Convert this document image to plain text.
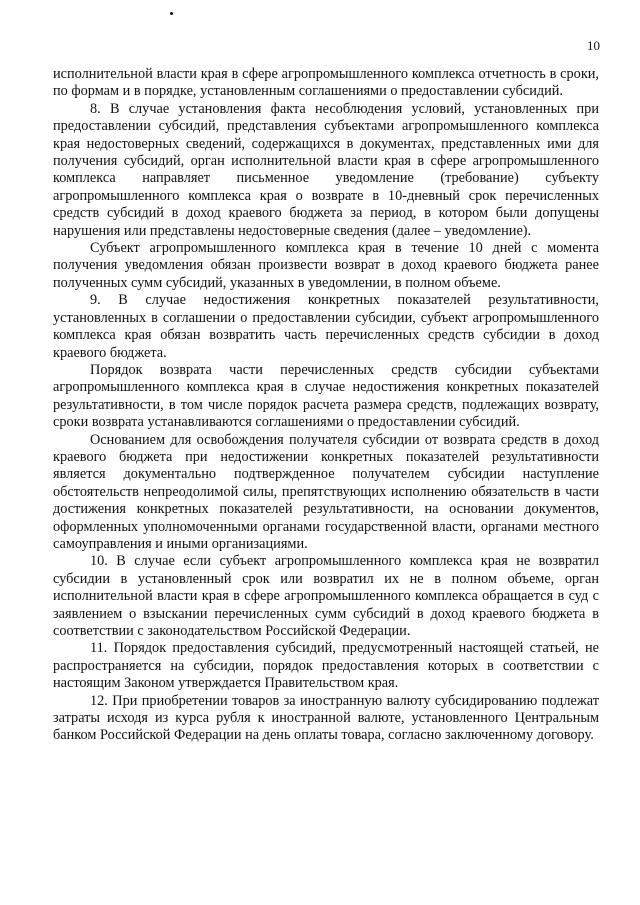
10

исполнительной власти края в сфере агропромышленного комплекса отчетность в сроки, по формам и в порядке, установленным соглашениями о предоставлении субсидий.

8. В случае установления факта несоблюдения условий, установленных при предоставлении субсидий, представления субъектами агропромышленного комплекса края недостоверных сведений, содержащихся в документах, представленных ими для получения субсидий, орган исполнительной власти края в сфере агропромышленного комплекса направляет письменное уведомление (требование) субъекту агропромышленного комплекса края о возврате в 10-дневный срок перечисленных средств субсидий в доход краевого бюджета за период, в котором были допущены нарушения или представлены недостоверные сведения (далее – уведомление).

Субъект агропромышленного комплекса края в течение 10 дней с момента получения уведомления обязан произвести возврат в доход краевого бюджета ранее полученных сумм субсидий, указанных в уведомлении, в полном объеме.

9. В случае недостижения конкретных показателей результативности, установленных в соглашении о предоставлении субсидии, субъект агропромышленного комплекса края обязан возвратить часть перечисленных средств субсидии в доход краевого бюджета.

Порядок возврата части перечисленных средств субсидии субъектами агропромышленного комплекса края в случае недостижения конкретных показателей результативности, в том числе порядок расчета размера средств, подлежащих возврату, сроки возврата устанавливаются соглашениями о предоставлении субсидий.

Основанием для освобождения получателя субсидии от возврата средств в доход краевого бюджета при недостижении конкретных показателей результативности является документально подтвержденное получателем субсидии наступление обстоятельств непреодолимой силы, препятствующих исполнению обязательств в части достижения конкретных показателей результативности, на основании документов, оформленных уполномоченными органами государственной власти, органами местного самоуправления и иными организациями.

10. В случае если субъект агропромышленного комплекса края не возвратил субсидии в установленный срок или возвратил их не в полном объеме, орган исполнительной власти края в сфере агропромышленного комплекса обращается в суд с заявлением о взыскании перечисленных сумм субсидий в доход краевого бюджета в соответствии с законодательством Российской Федерации.

11. Порядок предоставления субсидий, предусмотренный настоящей статьей, не распространяется на субсидии, порядок предоставления которых в соответствии с настоящим Законом утверждается Правительством края.

12. При приобретении товаров за иностранную валюту субсидированию подлежат затраты исходя из курса рубля к иностранной валюте, установленного Центральным банком Российской Федерации на день оплаты товара, согласно заключенному договору.
